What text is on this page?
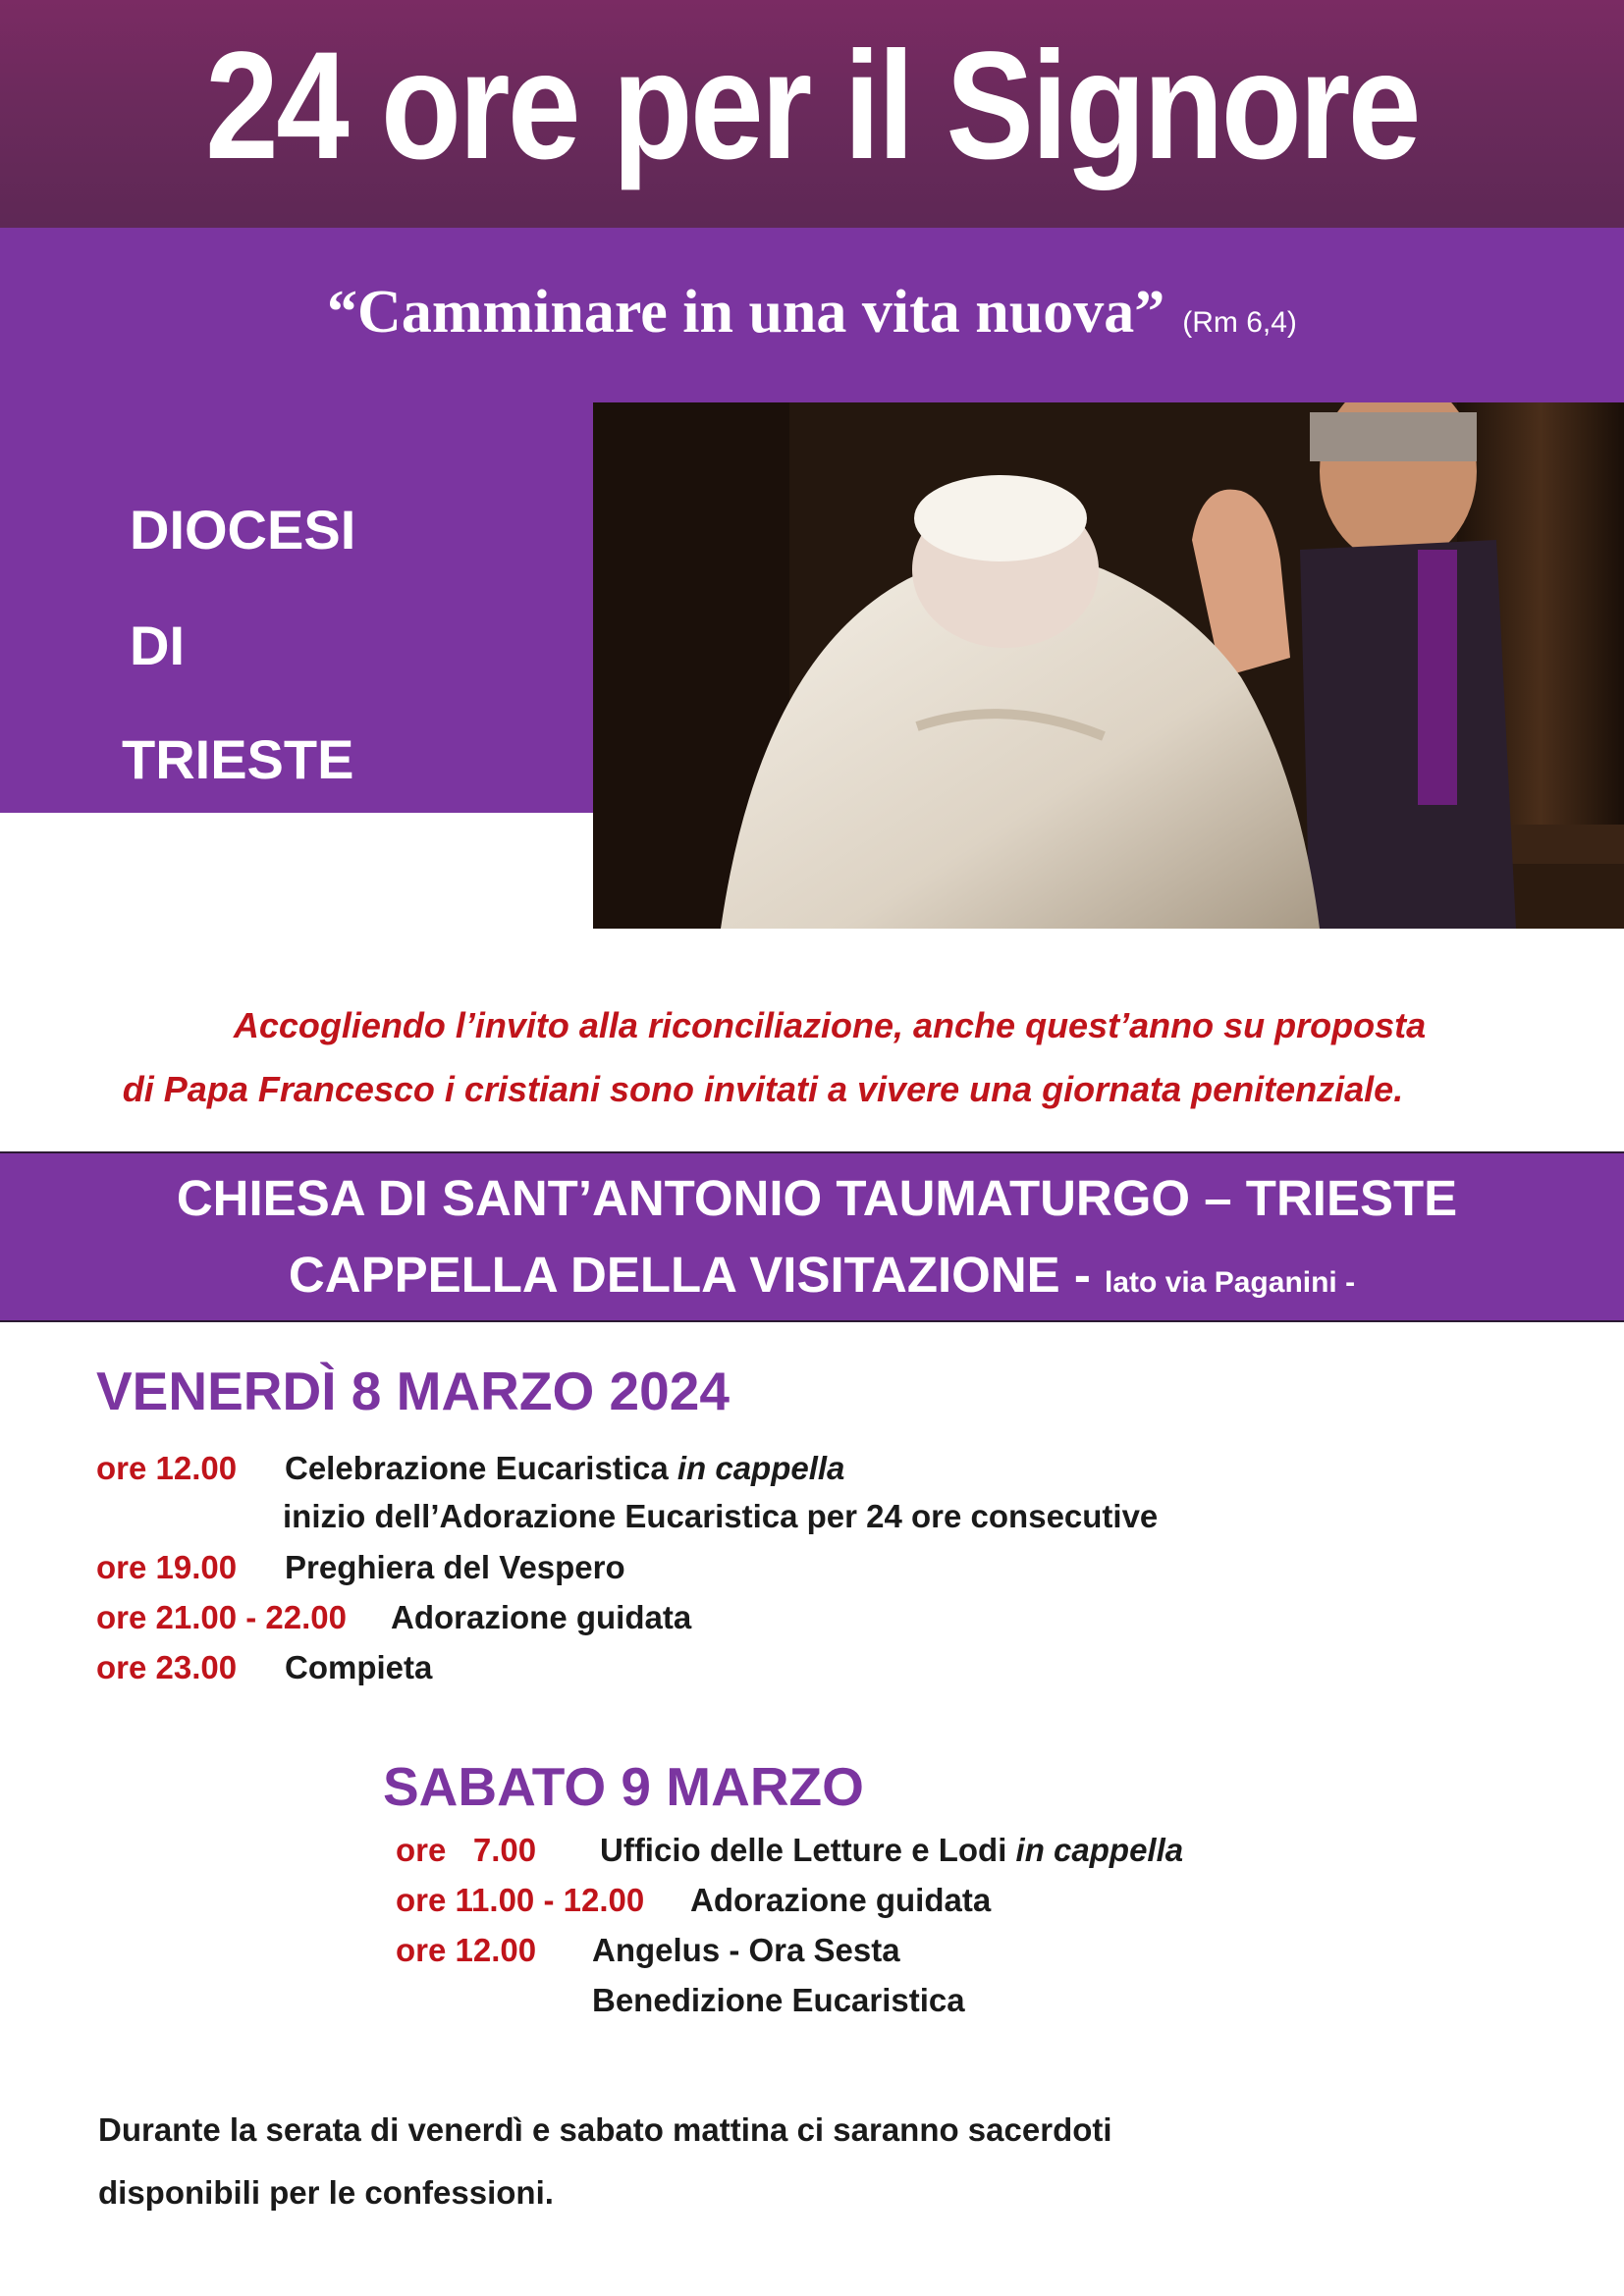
24 ore per il Signore
“Camminare in una vita nuova” (Rm 6,4)
DIOCESI
DI
TRIESTE
Accogliendo l’invito alla riconciliazione, anche quest’anno su proposta
di Papa Francesco i cristiani sono invitati a vivere una giornata penitenziale.
CHIESA DI SANT’ANTONIO TAUMATURGO – TRIESTE
CAPPELLA DELLA VISITAZIONE - lato via Paganini -
VENERDÌ 8 MARZO 2024
ore 12.00 Celebrazione Eucaristica in cappella
inizio dell’Adorazione Eucaristica per 24 ore consecutive
ore 19.00 Preghiera del Vespero
ore 21.00 - 22.00 Adorazione guidata
ore 23.00 Compieta
SABATO 9 MARZO
ore   7.00 Ufficio delle Letture e Lodi in cappella
ore 11.00 - 12.00 Adorazione guidata
ore 12.00 Angelus - Ora Sesta
Benedizione Eucaristica
Durante la serata di venerdì e sabato mattina ci saranno sacerdoti
disponibili per le confessioni.
